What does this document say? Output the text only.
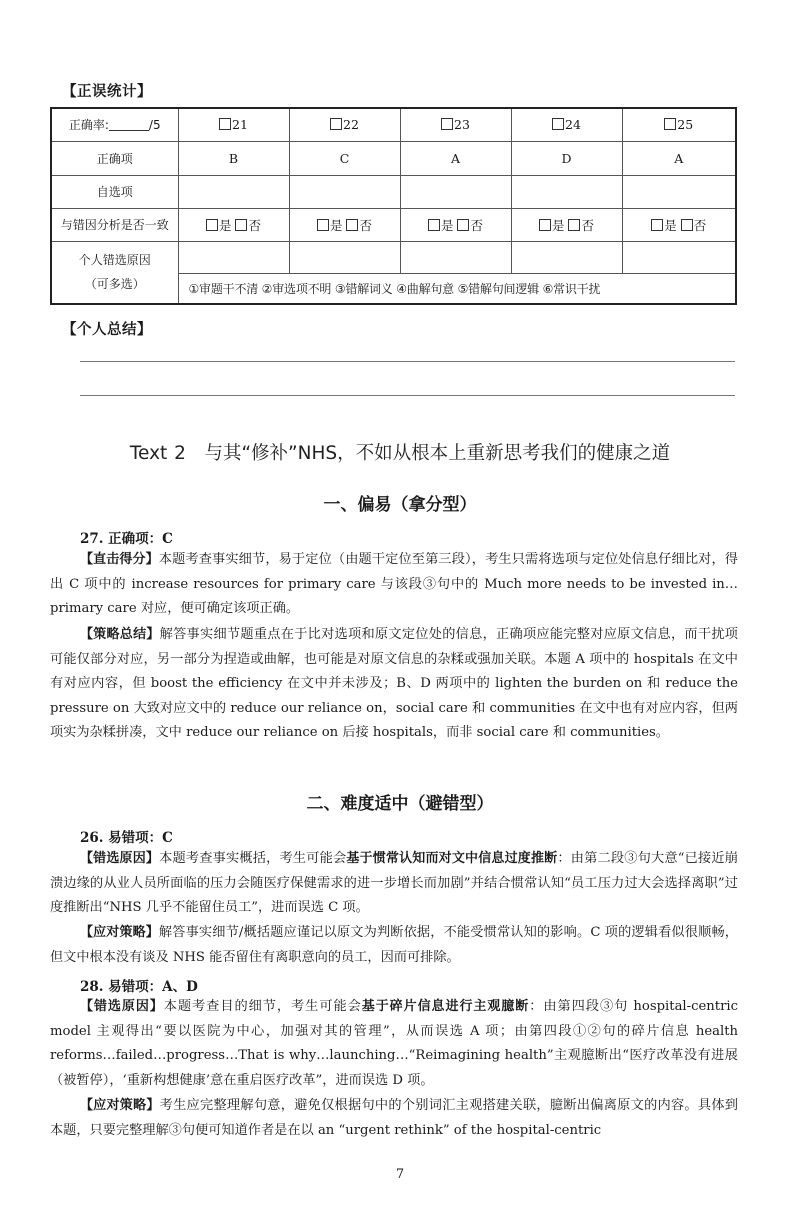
【正误统计】
正确率: /5	21	22	23	24	25
正确项	B	C	A	D	A
自选项					
与错因分析是否一致	是 否	是 否	是 否	是 否	是 否

个人错选原因
（可多选）					

	①审题干不清 ②审选项不明 ③错解词义 ④曲解句意 ⑤错解句间逻辑 ⑥常识干扰				
【个人总结】
Text 2　与其“修补”NHS，不如从根本上重新思考我们的健康之道
一、偏易（拿分型）
27. 正确项：C

【直击得分】本题考查事实细节，易于定位（由题干定位至第三段），考生只需将选项与定位处信息仔细比对，得出 C 项中的 increase resources for primary care 与该段③句中的 Much more needs to be invested in…primary care 对应，便可确定该项正确。

【策略总结】解答事实细节题重点在于比对选项和原文定位处的信息，正确项应能完整对应原文信息，而干扰项可能仅部分对应，另一部分为捏造或曲解，也可能是对原文信息的杂糅或强加关联。本题 A 项中的 hospitals 在文中有对应内容，但 boost the efficiency 在文中并未涉及；B、D 两项中的 lighten the burden on 和 reduce the pressure on 大致对应文中的 reduce our reliance on，social care 和 communities 在文中也有对应内容，但两项实为杂糅拼凑，文中 reduce our reliance on 后接 hospitals，而非 social care 和 communities。

二、难度适中（避错型）
26. 易错项：C

【错选原因】本题考查事实概括，考生可能会基于惯常认知而对文中信息过度推断：由第二段③句大意“已接近崩溃边缘的从业人员所面临的压力会随医疗保健需求的进一步增长而加剧”并结合惯常认知“员工压力过大会选择离职”过度推断出“NHS 几乎不能留住员工”，进而误选 C 项。

【应对策略】解答事实细节/概括题应谨记以原文为判断依据，不能受惯常认知的影响。C 项的逻辑看似很顺畅，但文中根本没有谈及 NHS 能否留住有离职意向的员工，因而可排除。

28. 易错项：A、D

【错选原因】本题考查目的细节，考生可能会基于碎片信息进行主观臆断：由第四段③句 hospital-centric model 主观得出“要以医院为中心，加强对其的管理”，从而误选 A 项；由第四段①②句的碎片信息 health reforms…failed…progress…That is why…launching…“Reimagining health”主观臆断出“医疗改革没有进展（被暂停），‘重新构想健康’意在重启医疗改革”，进而误选 D 项。

【应对策略】考生应完整理解句意，避免仅根据句中的个别词汇主观搭建关联，臆断出偏离原文的内容。具体到本题，只要完整理解③句便可知道作者是在以 an “urgent rethink” of the hospital-centric

7
